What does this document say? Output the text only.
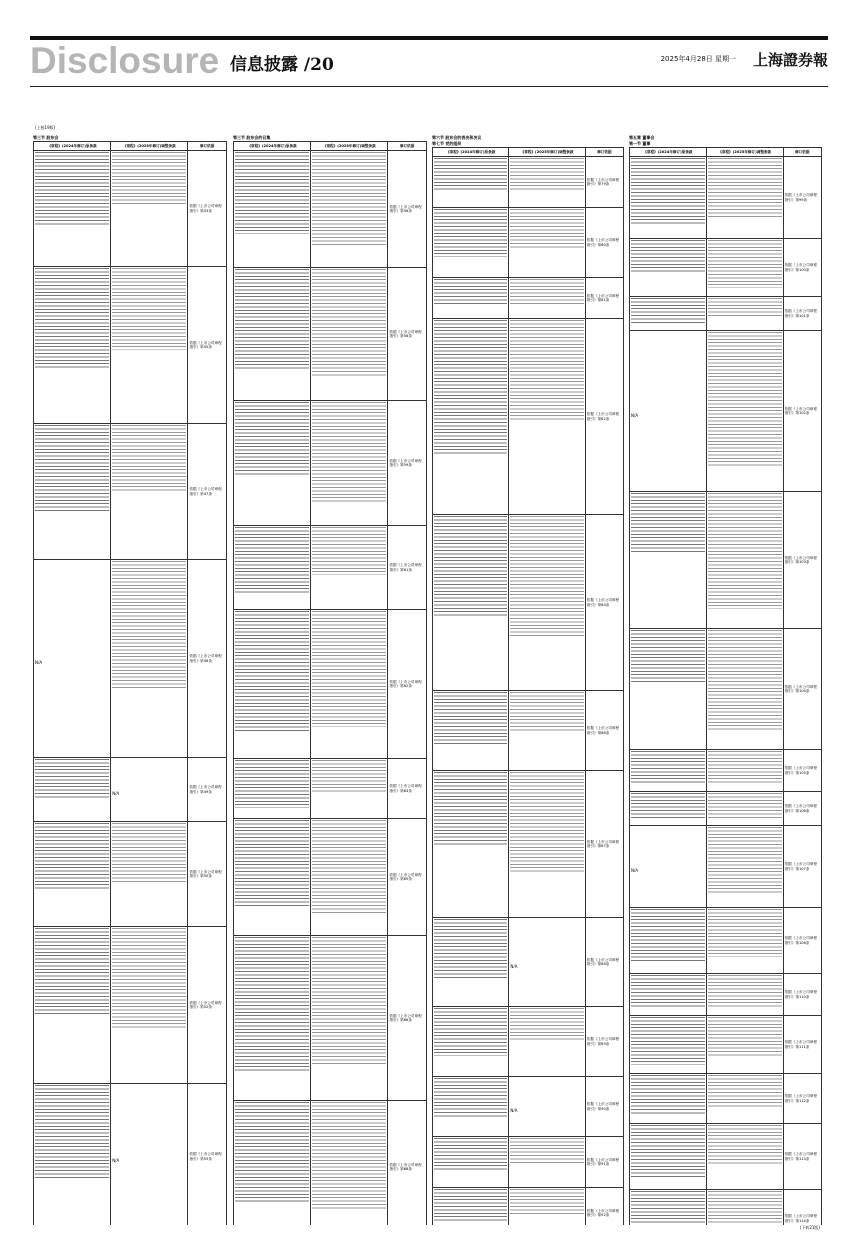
Disclosure 信息披露 /20	2025年4月28日 星期一 上海證券報
(上接19版)
(下转21版)
第三节 股东会
《章程》(2024年修订)原条款	《章程》(2025年修订)调整条款	修订依据

		依据《上市公司章程指引》第43条

		依据《上市公司章程指引》第45条

		依据《上市公司章程指引》第47条

N/A		依据《上市公司章程指引》第48条

	N/A	依据《上市公司章程指引》第49条

		依据《上市公司章程指引》第50条

		依据《上市公司章程指引》第52条

	N/A	依据《上市公司章程指引》第55条
第三节 股东会的召集
《章程》(2024年修订)原条款	《章程》(2025年修订)调整条款	修订依据

		依据《上市公司章程指引》第56条

		依据《上市公司章程指引》第58条

		依据《上市公司章程指引》第59条

		依据《上市公司章程指引》第61条

		依据《上市公司章程指引》第62条

		依据《上市公司章程指引》第63条

		依据《上市公司章程指引》第65条

		依据《上市公司章程指引》第66条

		依据《上市公司章程指引》第68条
第六节 股东会的表决和决议
第七节 党的组织
《章程》(2024年修订)原条款	《章程》(2025年修订)调整条款	修订依据

		依据《上市公司章程指引》第79条

		依据《上市公司章程指引》第80条

		依据《上市公司章程指引》第81条

		依据《上市公司章程指引》第82条

		依据《上市公司章程指引》第84条

		依据《上市公司章程指引》第86条

		依据《上市公司章程指引》第87条

	N/A	依据《上市公司章程指引》第88条

		依据《上市公司章程指引》第89条

	N/A	依据《上市公司章程指引》第90条

		依据《上市公司章程指引》第91条

		依据《上市公司章程指引》第92条
第五章 董事会
第一节 董事
《章程》(2024年修订)原条款	《章程》(2025年修订)调整条款	修订依据

		依据《上市公司章程指引》第99条

		依据《上市公司章程指引》第100条

		依据《上市公司章程指引》第101条

N/A		依据《上市公司章程指引》第102条

		依据《上市公司章程指引》第103条

		依据《上市公司章程指引》第104条

		依据《上市公司章程指引》第105条

		依据《上市公司章程指引》第106条

N/A		依据《上市公司章程指引》第107条

		依据《上市公司章程指引》第108条

		依据《上市公司章程指引》第110条

		依据《上市公司章程指引》第111条

		依据《上市公司章程指引》第112条

		依据《上市公司章程指引》第113条

		依据《上市公司章程指引》第114条
